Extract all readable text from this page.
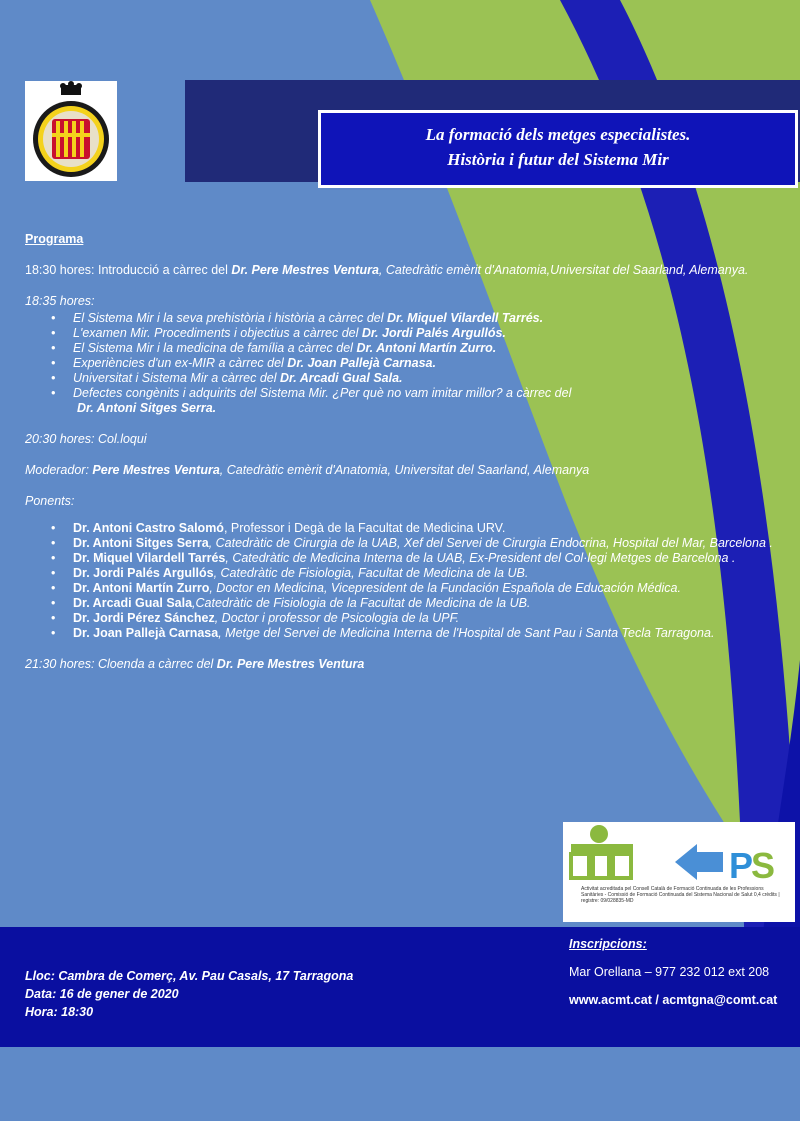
La formació dels metges especialistes.
Història i futur del Sistema Mir

Programa

18:30 hores: Introducció a càrrec del Dr. Pere Mestres Ventura, Catedràtic emèrit d'Anatomia,Universitat del Saarland, Alemanya.

18:35 hores:

• El Sistema Mir i la seva prehistòria i història a càrrec del Dr. Miquel Vilardell Tarrés.
• L'examen Mir. Procediments i objectius a càrrec del Dr. Jordi Palés Argullós.
• El Sistema Mir i la medicina de família a càrrec del Dr. Antoni Martín Zurro.
• Experiències d'un ex-MIR a càrrec del Dr. Joan Pallejà Carnasa.
• Universitat i Sistema Mir a càrrec del Dr. Arcadi Gual Sala.
• Defectes congènits i adquirits del Sistema Mir. ¿Per què no vam imitar millor? a càrrec del
Dr. Antoni Sitges Serra.

20:30 hores: Col.loqui

Moderador: Pere Mestres Ventura, Catedràtic emèrit d'Anatomia, Universitat del Saarland, Alemanya

Ponents:

• Dr. Antoni Castro Salomó, Professor i Degà de la Facultat de Medicina URV.
• Dr. Antoni Sitges Serra, Catedràtic de Cirurgia de la UAB, Xef del Servei de Cirurgia Endocrina, Hospital del Mar, Barcelona .
• Dr. Miquel Vilardell Tarrés, Catedràtic de Medicina Interna de la UAB, Ex-President del Col·legi Metges de Barcelona .
• Dr. Jordi Palés Argullós, Catedràtic de Fisiologia, Facultat de Medicina de la UB.
• Dr. Antoni Martín Zurro, Doctor en Medicina, Vicepresident de la Fundación Española de Educación Médica.
• Dr. Arcadi Gual Sala,Catedràtic de Fisiologia de la Facultat de Medicina de la UB.
• Dr. Jordi Pérez Sánchez, Doctor i professor de Psicologia de la UPF.
• Dr. Joan Pallejà Carnasa, Metge del Servei de Medicina Interna de l'Hospital de Sant Pau i Santa Tecla Tarragona.

21:30 hores: Cloenda a càrrec del Dr. Pere Mestres Ventura

P
S
Activitat acreditada pel Consell Català de Formació Continuada de les Professions Sanitàries - Comissió de Formació Continuada del Sistema Nacional de Salut 0,4 crèdits | registre: 09/028835-MD
Lloc: Cambra de Comerç, Av. Pau Casals, 17 Tarragona
Data: 16 de gener de 2020
Hora: 18:30
Inscripcions:
Mar Orellana – 977 232 012 ext 208
www.acmt.cat / acmtgna@comt.cat
